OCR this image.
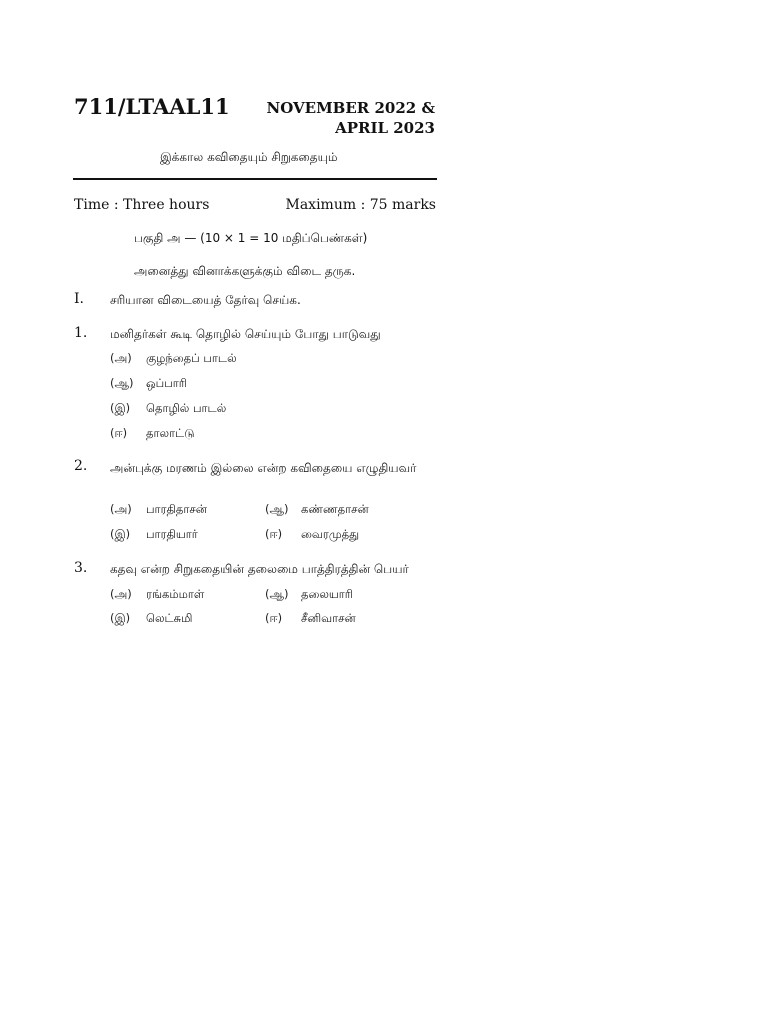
711/LTAAL11 NOVEMBER 2022 &
APRIL 2023
இக்கால கவிதையும் சிறுகதையும்
Time : Three hours	Maximum : 75 marks
பகுதி அ — (10 × 1 = 10 மதிப்பெண்கள்)
அனைத்து வினாக்களுக்கும் விடை தருக.
I. சரியான விடையைத் தேர்வு செய்க.
1. மனிதர்கள் கூடி தொழில் செய்யும் போது பாடுவது
(அ) குழந்தைப் பாடல்
(ஆ) ஒப்பாரி
(இ) தொழில் பாடல்
(ஈ) தாலாட்டு
2. அன்புக்கு மரணம் இல்லை என்ற கவிதையை எழுதியவர்
(அ) பாரதிதாசன்	(ஆ) கண்ணதாசன்
(இ) பாரதியார்	(ஈ) வைரமுத்து
3. கதவு என்ற சிறுகதையின் தலைமை பாத்திரத்தின் பெயர்
(அ) ரங்கம்மாள்	(ஆ) தலையாரி
(இ) லெட்சுமி	(ஈ) சீனிவாசன்
